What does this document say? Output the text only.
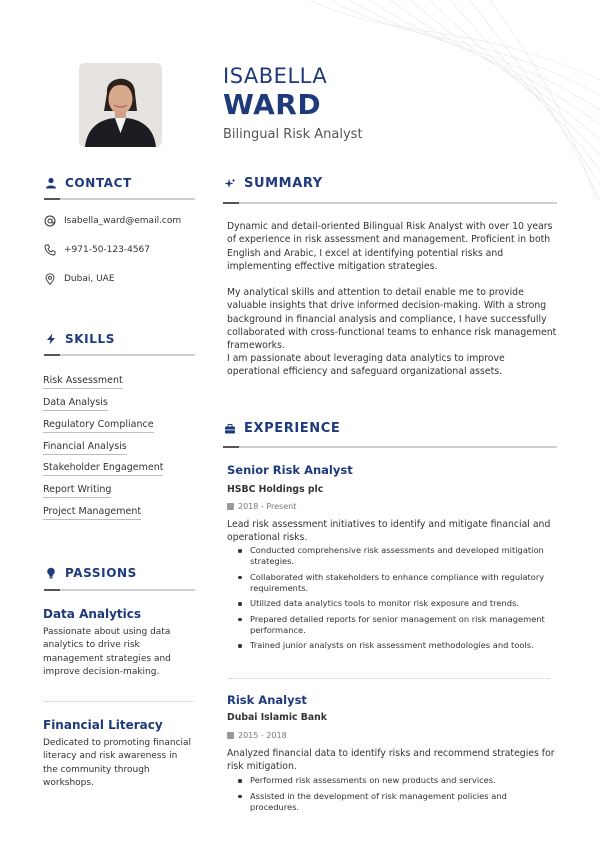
ISABELLA
WARD
Bilingual Risk Analyst
CONTACT
Isabella_ward@email.com
+971-50-123-4567
Dubai, UAE
SKILLS
Risk Assessment
Data Analysis
Regulatory Compliance
Financial Analysis
Stakeholder Engagement
Report Writing
Project Management
PASSIONS
Data Analytics
Passionate about using data analytics to drive risk management strategies and improve decision-making.
Financial Literacy
Dedicated to promoting financial literacy and risk awareness in the community through workshops.
SUMMARY

Dynamic and detail-oriented Bilingual Risk Analyst with over 10 years of experience in risk assessment and management. Proficient in both English and Arabic, I excel at identifying potential risks and implementing effective mitigation strategies.

My analytical skills and attention to detail enable me to provide valuable insights that drive informed decision-making. With a strong background in financial analysis and compliance, I have successfully collaborated with cross-functional teams to enhance risk management frameworks.

I am passionate about leveraging data analytics to improve operational efficiency and safeguard organizational assets.

EXPERIENCE
Senior Risk Analyst
HSBC Holdings plc
2018 - Present

Lead risk assessment initiatives to identify and mitigate financial and operational risks.

Conducted comprehensive risk assessments and developed mitigation strategies.
Collaborated with stakeholders to enhance compliance with regulatory requirements.
Utilized data analytics tools to monitor risk exposure and trends.
Prepared detailed reports for senior management on risk management performance.
Trained junior analysts on risk assessment methodologies and tools.
Risk Analyst
Dubai Islamic Bank
2015 - 2018

Analyzed financial data to identify risks and recommend strategies for risk mitigation.

Performed risk assessments on new products and services.
Assisted in the development of risk management policies and procedures.
